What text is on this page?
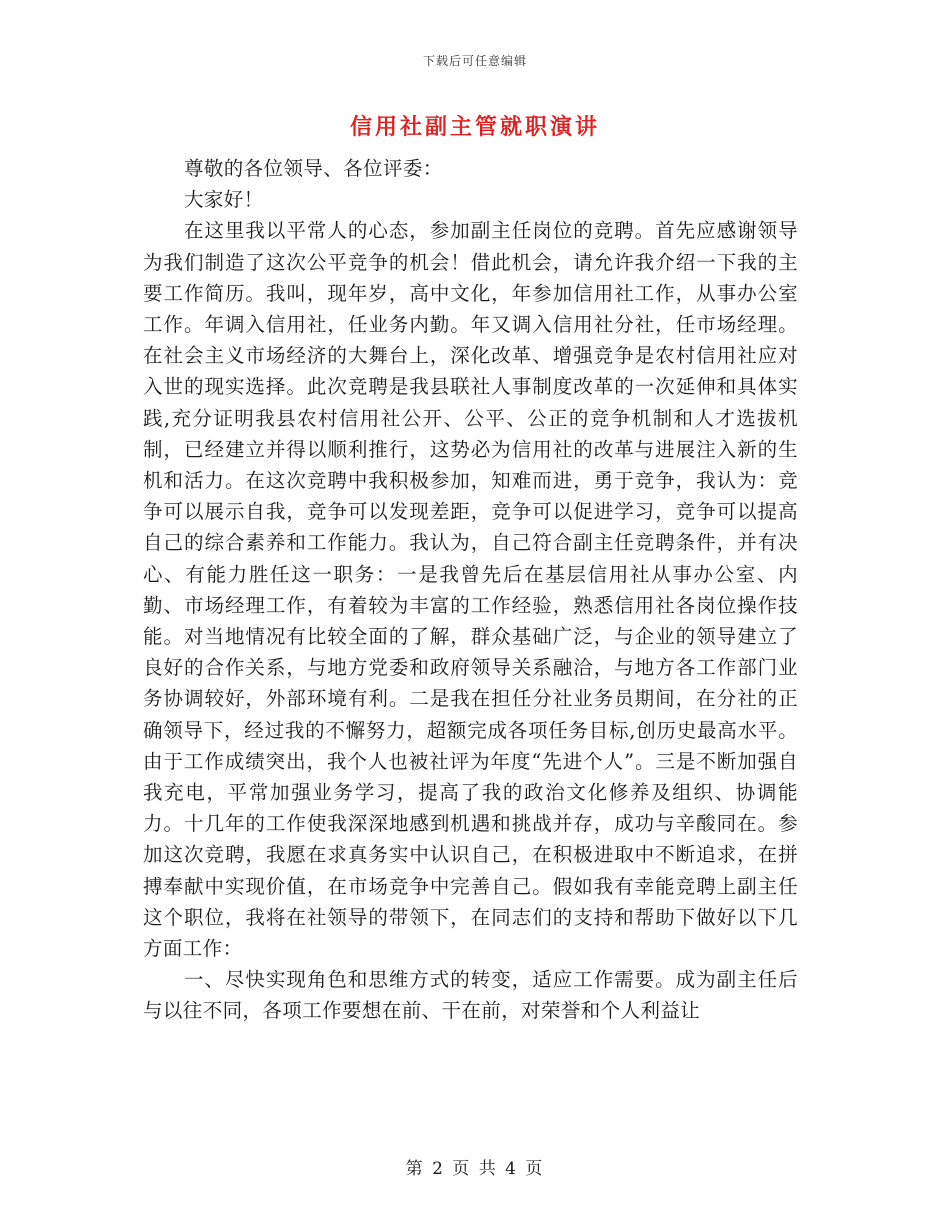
下载后可任意编辑
信用社副主管就职演讲

尊敬的各位领导、各位评委：

大家好！

在这里我以平常人的心态，参加副主任岗位的竞聘。首先应感谢领导为我们制造了这次公平竞争的机会！借此机会，请允许我介绍一下我的主要工作简历。我叫，现年岁，高中文化，年参加信用社工作，从事办公室工作。年调入信用社，任业务内勤。年又调入信用社分社，任市场经理。在社会主义市场经济的大舞台上，深化改革、增强竞争是农村信用社应对入世的现实选择。此次竞聘是我县联社人事制度改革的一次延伸和具体实践,充分证明我县农村信用社公开、公平、公正的竞争机制和人才选拔机制，已经建立并得以顺利推行，这势必为信用社的改革与进展注入新的生机和活力。在这次竞聘中我积极参加，知难而进，勇于竞争，我认为：竞争可以展示自我，竞争可以发现差距，竞争可以促进学习，竞争可以提高自己的综合素养和工作能力。我认为，自己符合副主任竞聘条件，并有决心、有能力胜任这一职务：一是我曾先后在基层信用社从事办公室、内勤、市场经理工作，有着较为丰富的工作经验，熟悉信用社各岗位操作技能。对当地情况有比较全面的了解，群众基础广泛，与企业的领导建立了良好的合作关系，与地方党委和政府领导关系融洽，与地方各工作部门业务协调较好，外部环境有利。二是我在担任分社业务员期间，在分社的正确领导下，经过我的不懈努力，超额完成各项任务目标,创历史最高水平。由于工作成绩突出，我个人也被社评为年度“先进个人”。三是不断加强自我充电，平常加强业务学习，提高了我的政治文化修养及组织、协调能力。十几年的工作使我深深地感到机遇和挑战并存，成功与辛酸同在。参加这次竞聘，我愿在求真务实中认识自己，在积极进取中不断追求，在拼搏奉献中实现价值，在市场竞争中完善自己。假如我有幸能竞聘上副主任这个职位，我将在社领导的带领下，在同志们的支持和帮助下做好以下几方面工作：

一、尽快实现角色和思维方式的转变，适应工作需要。成为副主任后与以往不同，各项工作要想在前、干在前，对荣誉和个人利益让

第 2 页 共 4 页
